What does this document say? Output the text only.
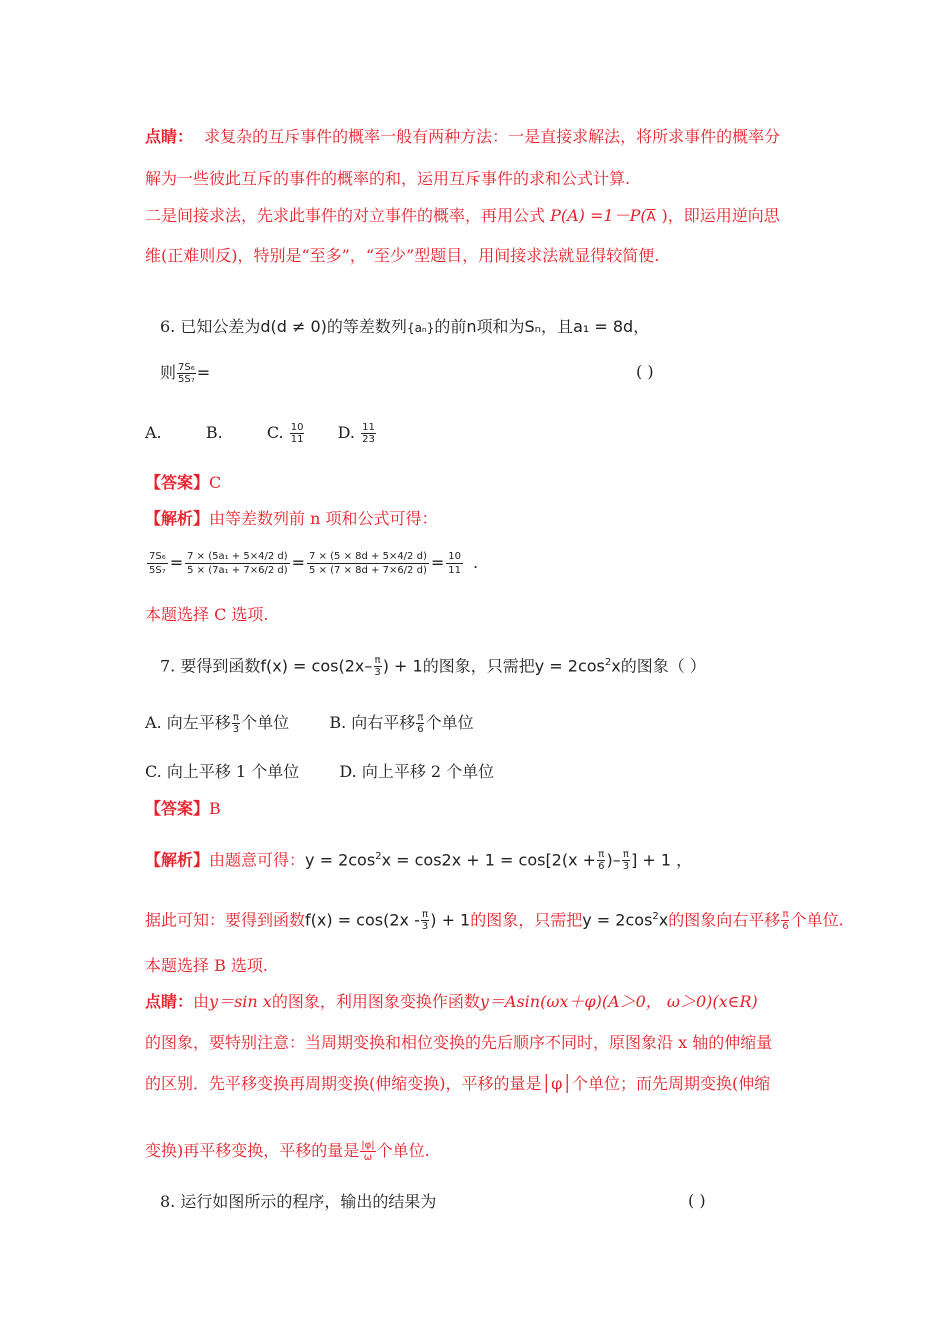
点睛： 求复杂的互斥事件的概率一般有两种方法：一是直接求解法，将所求事件的概率分
解为一些彼此互斥的事件的概率的和，运用互斥事件的求和公式计算.
二是间接求法，先求此事件的对立事件的概率，再用公式 $P(A) =1-P(\overline{A}$ )，即运用逆向思
维(正难则反)，特别是“至多”，“至少”型题目，用间接求法就显得较简便.
6. 已知公差为d(d ≠ 0)的等差数列{aₙ}的前n项和为Sₙ，且a₁ = 8d，
则 $\frac{\text{7S₆}}{\text{5S₇}}$ =	( )
A.	B.	C. $\frac{10}{11} D$. $\frac{11}{23}$
【答案】C
【解析】由等差数列前 n 项和公式可得：
$\frac{\text{7S₆}}{\text{5S₇}} = \frac{\text{7 × (5a₁ + 5×4/2 d)}}{\text{5 × (7a₁ + 7×6/2 d)}} = \frac{7 \times (5 \times 8d + 5\times 4/2 d)}{5 \times (7 \times 8d + 7\times 6/2 d)} = \frac{10}{11}$ .
本题选择 C 选项.
7. 要得到函数$f(x) = \cos(2x- \frac{\pi}{3}$ ) + 1的图象，只需把$y = 2\cos^2x$的图象（ ）
A. 向左平移 $\frac{\pi}{3}$ 个单位	B. 向右平移 $\frac{\pi}{6}$ 个单位
C. 向上平移 1 个单位	D. 向上平移 2 个单位
【答案】B
【解析】由题意可得：$y = 2\cos^2x = \cos 2x + 1 = \cos[2(x + \frac{\pi}{6}$ )– $\frac{\pi}{3}$ ] + 1 ，
据此可知：要得到函数$f(x) = \cos(2x - \frac{\pi}{3}$ ) + 1的图象，只需把$y = 2\cos^2x$的图象向右平移 $\frac{\pi}{6}$ 个单位.
本题选择 B 选项.
点睛：由y＝sin x的图象，利用图象变换作函数y＝Asin(ωx＋φ)(A＞0， ω＞0)(x∈R)
的图象，要特别注意：当周期变换和相位变换的先后顺序不同时，原图象沿 x 轴的伸缩量
的区别．先平移变换再周期变换(伸缩变换)，平移的量是│φ│个单位；而先周期变换(伸缩
变换)再平移变换，平移的量是 $\frac{|\varphi|}{\omega}$ 个单位.
8. 运行如图所示的程序，输出的结果为	( )
